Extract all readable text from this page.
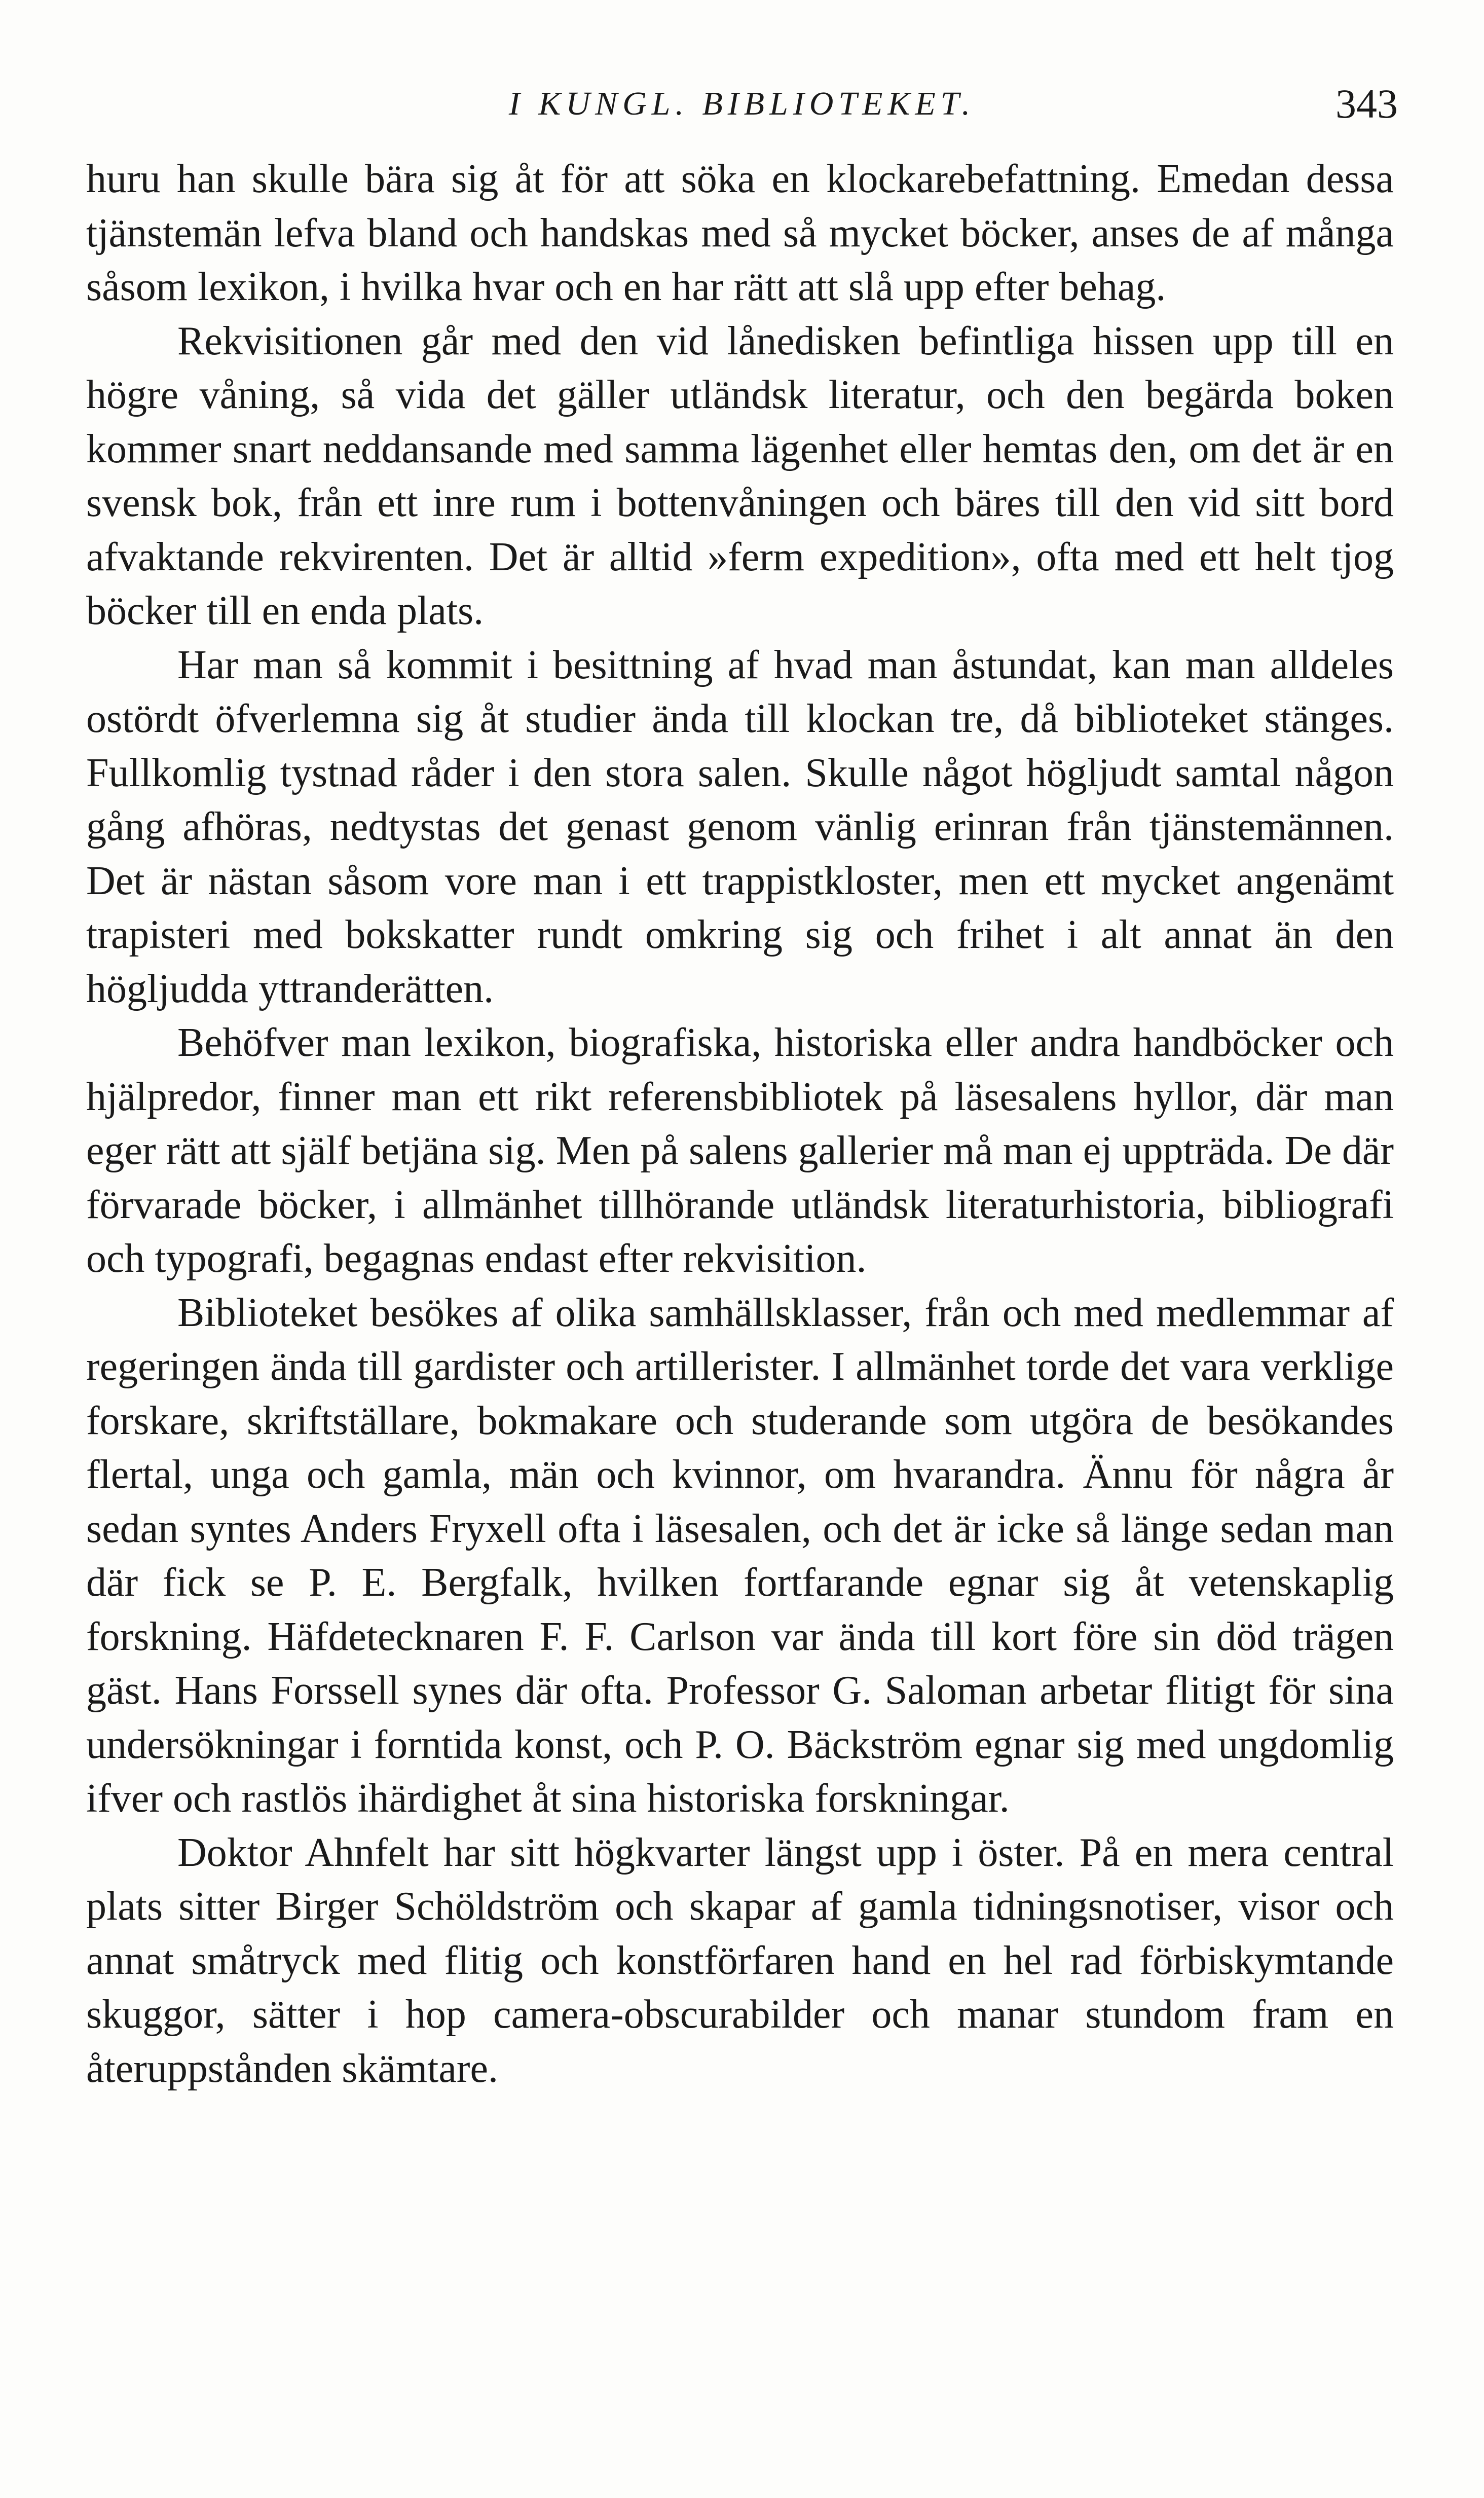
I KUNGL. BIBLIOTEKET.	343

huru han skulle bära sig åt för att söka en klockarebefattning. Emedan dessa tjänstemän lefva bland och handskas med så mycket böcker, anses de af många såsom lexikon, i hvilka hvar och en har rätt att slå upp efter behag.

Rekvisitionen går med den vid lånedisken befintliga hissen upp till en högre våning, så vida det gäller utländsk literatur, och den begärda boken kommer snart neddansande med samma lägenhet eller hemtas den, om det är en svensk bok, från ett inre rum i bottenvåningen och bäres till den vid sitt bord afvaktande rekvirenten. Det är alltid »ferm expedition», ofta med ett helt tjog böcker till en enda plats.

Har man så kommit i besittning af hvad man åstundat, kan man alldeles ostördt öfverlemna sig åt studier ända till klockan tre, då biblioteket stänges. Fullkomlig tystnad råder i den stora salen. Skulle något högljudt samtal någon gång afhöras, nedtystas det genast genom vänlig erinran från tjänstemännen. Det är nästan såsom vore man i ett trappistkloster, men ett mycket angenämt trapisteri med bokskatter rundt omkring sig och frihet i alt annat än den högljudda yttranderätten.

Behöfver man lexikon, biografiska, historiska eller andra handböcker och hjälpredor, finner man ett rikt referensbibliotek på läsesalens hyllor, där man eger rätt att själf betjäna sig. Men på salens gallerier må man ej uppträda. De där förvarade böcker, i allmänhet tillhörande utländsk literaturhistoria, bibliografi och typografi, begagnas endast efter rekvisition.

Biblioteket besökes af olika samhällsklasser, från och med medlemmar af regeringen ända till gardister och artillerister. I allmänhet torde det vara verklige forskare, skriftställare, bokmakare och studerande som utgöra de besökandes flertal, unga och gamla, män och kvinnor, om hvarandra. Ännu för några år sedan syntes Anders Fryxell ofta i läsesalen, och det är icke så länge sedan man där fick se P. E. Bergfalk, hvilken fortfarande egnar sig åt vetenskaplig forskning. Häfdetecknaren F. F. Carlson var ända till kort före sin död trägen gäst. Hans Forssell synes där ofta. Professor G. Saloman arbetar flitigt för sina undersökningar i forntida konst, och P. O. Bäckström egnar sig med ungdomlig ifver och rastlös ihärdighet åt sina historiska forskningar.

Doktor Ahnfelt har sitt högkvarter längst upp i öster. På en mera central plats sitter Birger Schöldström och skapar af gamla tidningsnotiser, visor och annat småtryck med flitig och konstförfaren hand en hel rad förbiskymtande skuggor, sätter i hop camera-obscurabilder och manar stundom fram en återuppstånden skämtare.
